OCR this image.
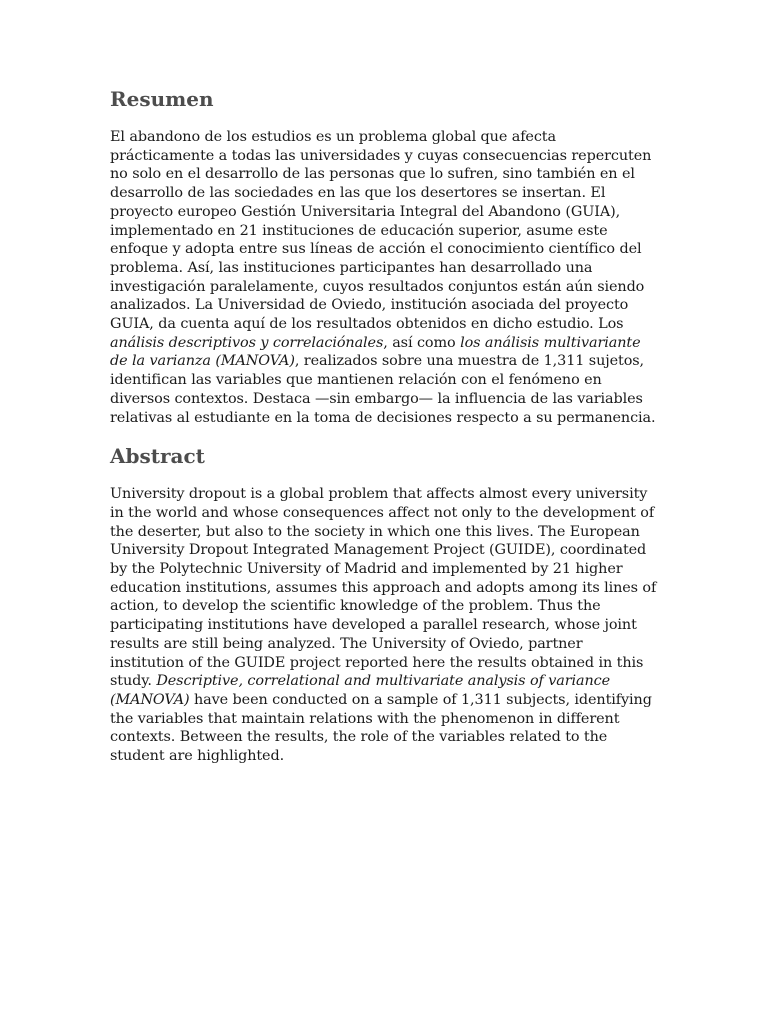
Resumen

El abandono de los estudios es un problema global que afecta prácticamente a todas las universidades y cuyas consecuencias repercuten no solo en el desarrollo de las personas que lo sufren, sino también en el desarrollo de las sociedades en las que los desertores se insertan. El proyecto europeo Gestión Universitaria Integral del Abandono (GUIA), implementado en 21 instituciones de educación superior, asume este enfoque y adopta entre sus líneas de acción el conocimiento científico del problema. Así, las instituciones participantes han desarrollado una investigación paralelamente, cuyos resultados conjuntos están aún siendo analizados. La Universidad de Oviedo, institución asociada del proyecto GUIA, da cuenta aquí de los resultados obtenidos en dicho estudio. Los análisis descriptivos y correlaciónales, así como los análisis multivariante de la varianza (MANOVA), realizados sobre una muestra de 1,311 sujetos, identifican las variables que mantienen relación con el fenómeno en diversos contextos. Destaca —sin embargo— la influencia de las variables relativas al estudiante en la toma de decisiones respecto a su permanencia.

Abstract

University dropout is a global problem that affects almost every university in the world and whose consequences affect not only to the development of the deserter, but also to the society in which one this lives. The European University Dropout Integrated Management Project (GUIDE), coordinated by the Polytechnic University of Madrid and implemented by 21 higher education institutions, assumes this approach and adopts among its lines of action, to develop the scientific knowledge of the problem. Thus the participating institutions have developed a parallel research, whose joint results are still being analyzed. The University of Oviedo, partner institution of the GUIDE project reported here the results obtained in this study. Descriptive, correlational and multivariate analysis of variance (MANOVA) have been conducted on a sample of 1,311 subjects, identifying the variables that maintain relations with the phenomenon in different contexts. Between the results, the role of the variables related to the student are highlighted.
